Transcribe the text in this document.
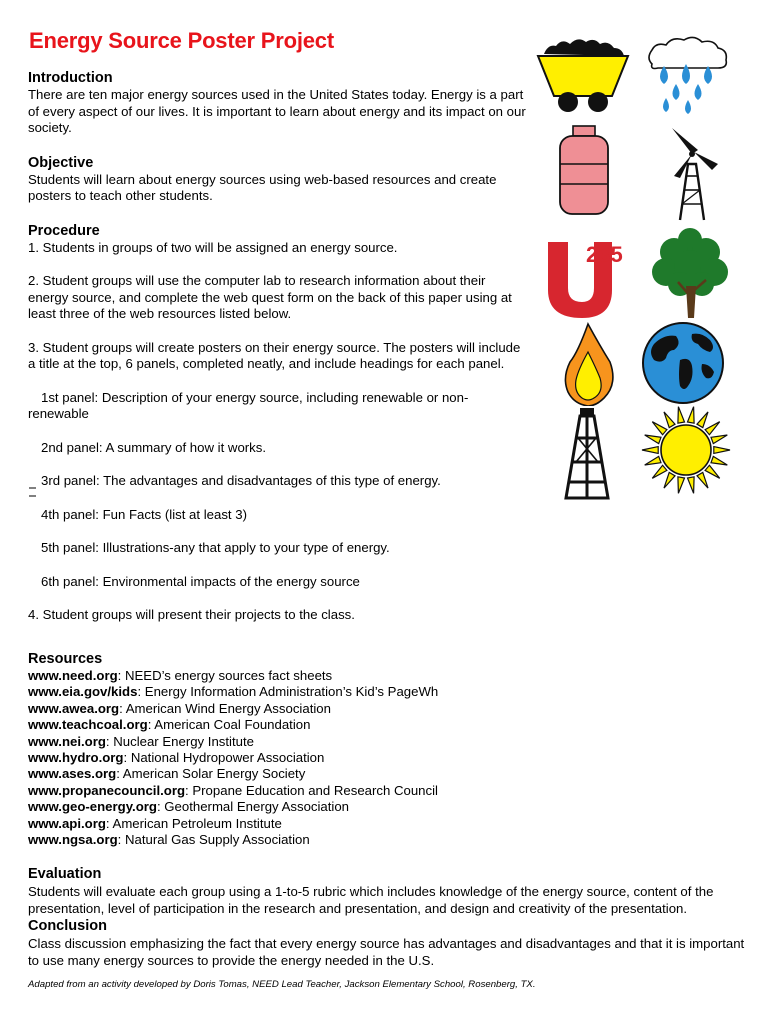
Energy Source Poster Project
Introduction

There are ten major energy sources used in the United States today. Energy is a part of every aspect of our lives. It is important to learn about energy and its impact on our society.

Objective

Students will learn about energy sources using web-based resources and create posters to teach other students.

Procedure

1. Students in groups of two will be assigned an energy source.

2. Student groups will use the computer lab to research information about their energy source, and complete the web quest form on the back of this paper using at least three of the web resources listed below.

3. Student groups will create posters on their energy source. The posters will include a title at the top, 6 panels, completed neatly, and include headings for each panel.

1st panel: Description of your energy source, including renewable or non-renewable

2nd panel: A summary of how it works.

3rd panel: The advantages and disadvantages of this type of energy.

4th panel: Fun Facts (list at least 3)

5th panel: Illustrations-any that apply to your type of energy.

6th panel: Environmental impacts of the energy source

4. Student groups will present their projects to the class.

Resources
www.need.org: NEED’s energy sources fact sheets
www.eia.gov/kids: Energy Information Administration’s Kid’s PageWh
www.awea.org: American Wind Energy Association
www.teachcoal.org: American Coal Foundation
www.nei.org: Nuclear Energy Institute
www.hydro.org: National Hydropower Association
www.ases.org: American Solar Energy Society
www.propanecouncil.org: Propane Education and Research Council
www.geo-energy.org: Geothermal Energy Association
www.api.org: American Petroleum Institute
www.ngsa.org: Natural Gas Supply Association
Evaluation

Students will evaluate each group using a 1-to-5 rubric which includes knowledge of the energy source, content of the presentation, level of participation in the research and presentation, and design and creativity of the presentation.

Conclusion

Class discussion emphasizing the fact that every energy source has advantages and disadvantages and that it is important to use many energy sources to provide the energy needed in the U.S.

Adapted from an activity developed by Doris Tomas, NEED Lead Teacher, Jackson Elementary School, Rosenberg, TX.
235
